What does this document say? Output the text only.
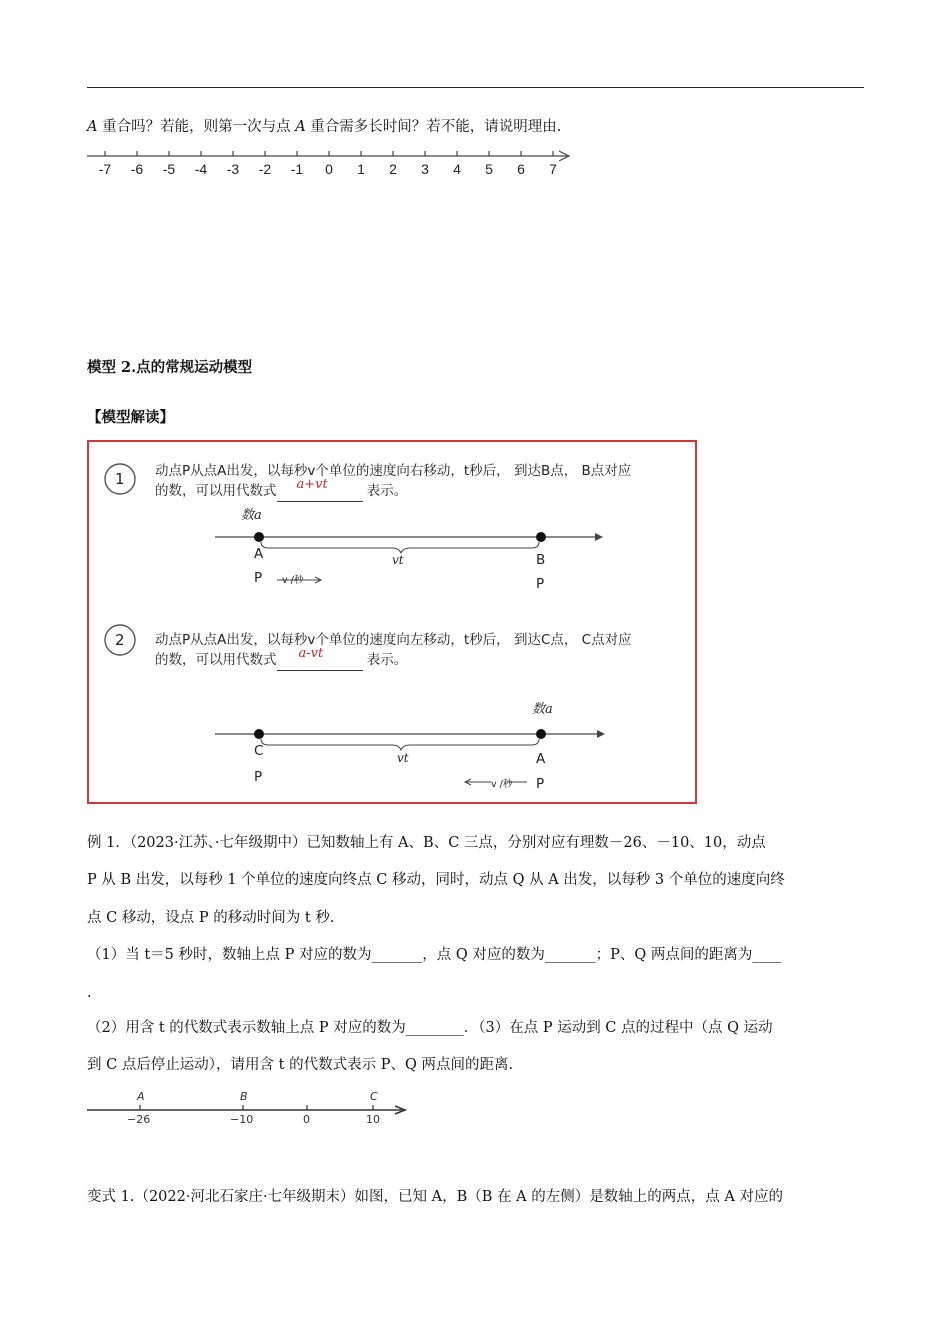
A 重合吗？若能，则第一次与点 A 重合需多长时间？若不能，请说明理由.
-7 -6 -5 -4 -3 -2 -1 0 1 2 3 4 5 6 7
模型 2.点的常规运动模型
【模型解读】
1 动点P从点A出发，以每秒v个单位的速度向右移动，t秒后， 到达B点， B点对应
的数，可以用代数式 a+vt	表示。
数a
A	B
vt
P v /秒	P
2 动点P从点A出发，以每秒v个单位的速度向左移动，t秒后， 到达C点， C点对应
的数，可以用代数式 a-vt	表示。
数a
C	A
vt
P	v /秒 P
例 1．（2023·江苏、·七年级期中）已知数轴上有 A、B、C 三点，分别对应有理数－26、－10、10，动点
P 从 B 出发，以每秒 1 个单位的速度向终点 C 移动，同时，动点 Q 从 A 出发，以每秒 3 个单位的速度向终
点 C 移动，设点 P 的移动时间为 t 秒.
（1）当 t＝5 秒时，数轴上点 P 对应的数为_______，点 Q 对应的数为_______；P、Q 两点间的距离为____
.
（2）用含 t 的代数式表示数轴上点 P 对应的数为________．（3）在点 P 运动到 C 点的过程中（点 Q 运动
到 C 点后停止运动），请用含 t 的代数式表示 P、Q 两点间的距离.
A	B	C
−26	−10	0	10
变式 1.（2022·河北石家庄·七年级期末）如图，已知 A，B（B 在 A 的左侧）是数轴上的两点，点 A 对应的
